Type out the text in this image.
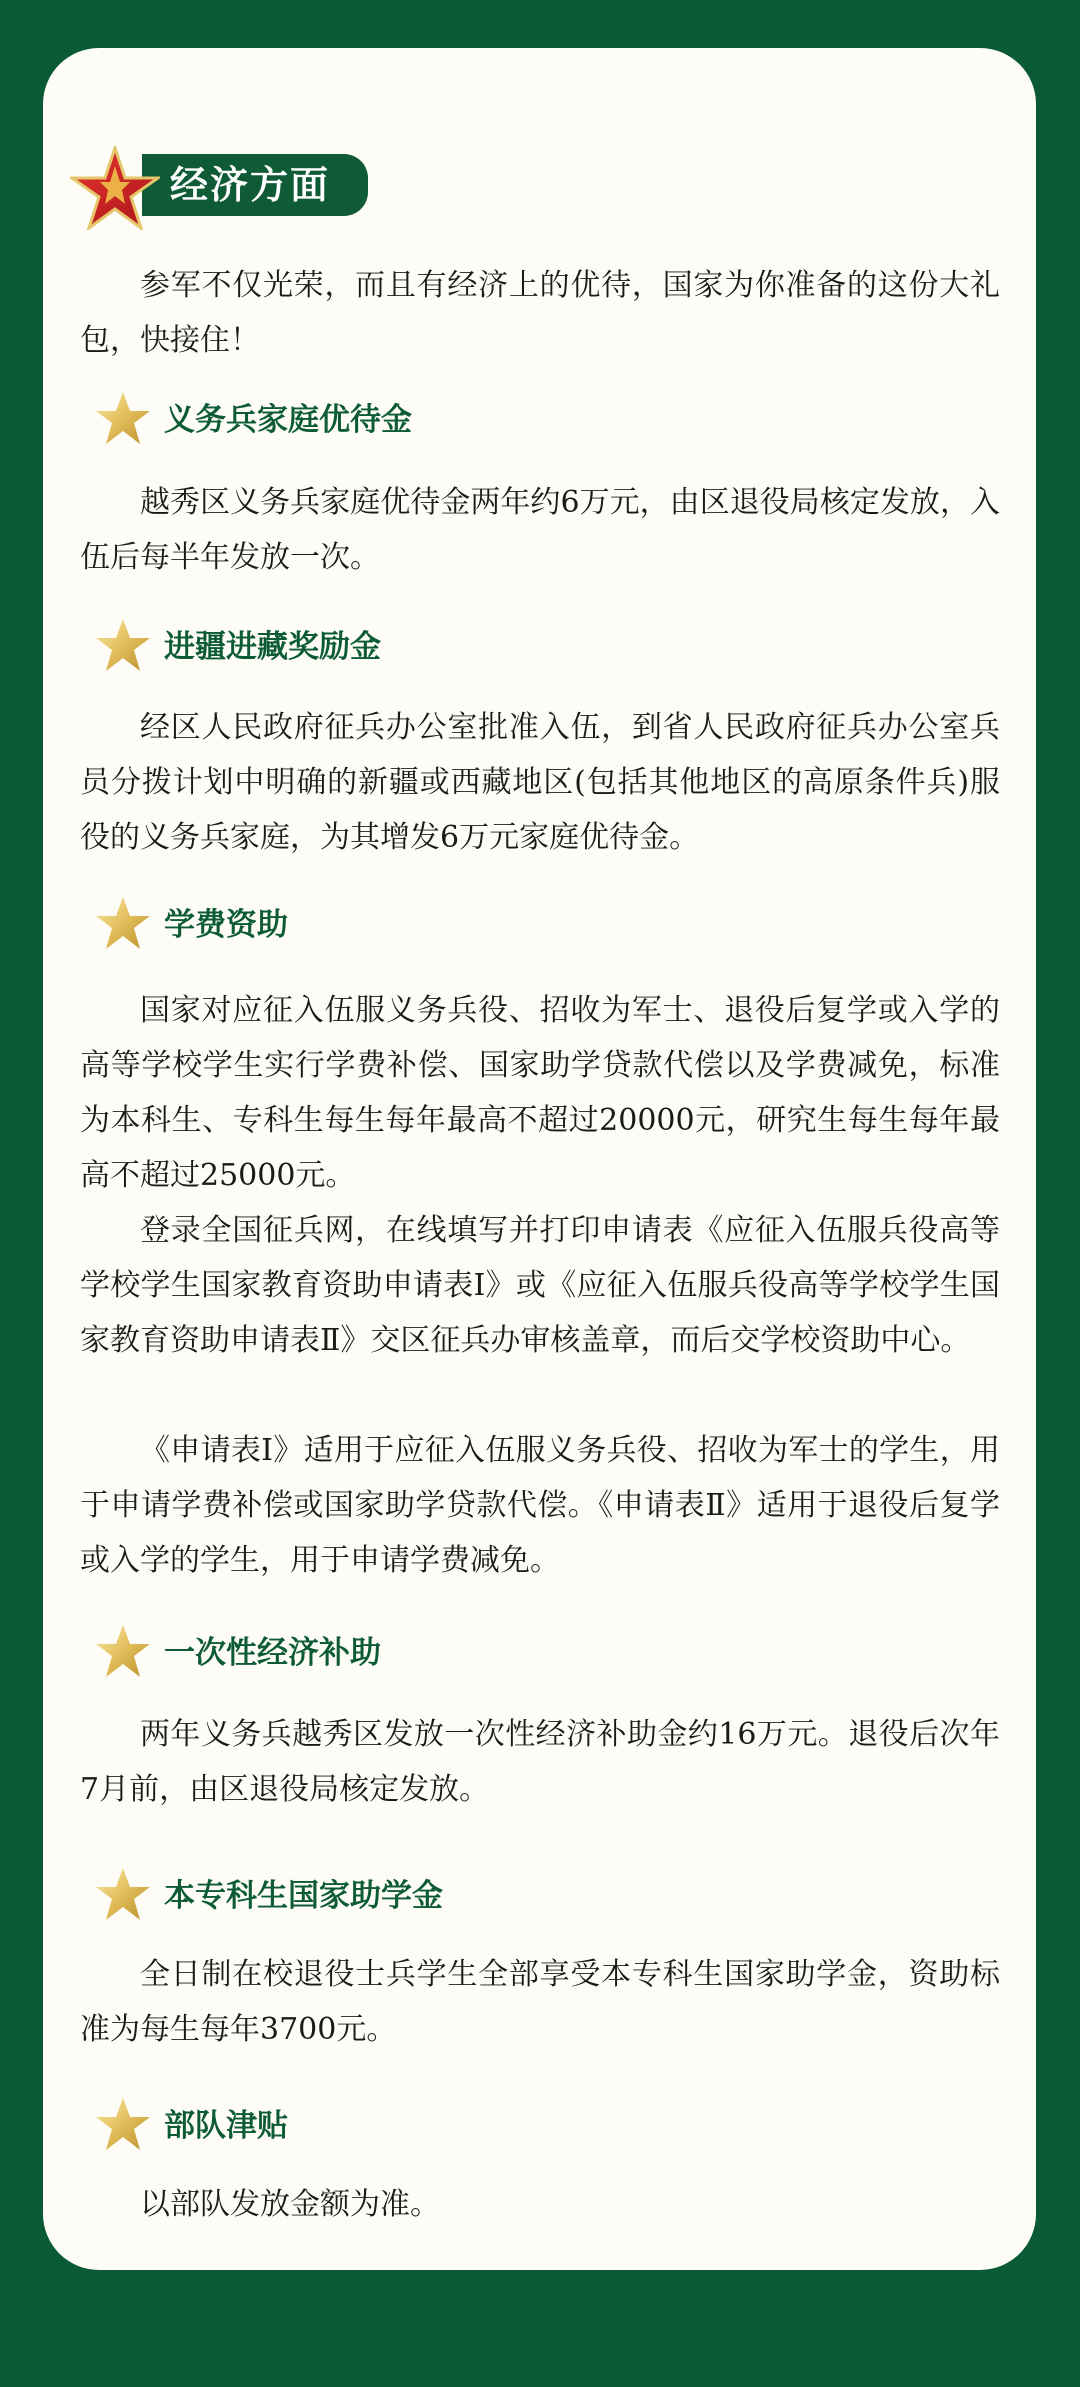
经济方面

参军不仅光荣，而且有经济上的优待，国家为你准备的这份大礼包，快接住！

义务兵家庭优待金

越秀区义务兵家庭优待金两年约6万元，由区退役局核定发放，入伍后每半年发放一次。

进疆进藏奖励金

经区人民政府征兵办公室批准入伍，到省人民政府征兵办公室兵员分拨计划中明确的新疆或西藏地区(包括其他地区的高原条件兵)服役的义务兵家庭，为其增发6万元家庭优待金。

学费资助

国家对应征入伍服义务兵役、招收为军士、退役后复学或入学的高等学校学生实行学费补偿、国家助学贷款代偿以及学费减免，标准为本科生、专科生每生每年最高不超过20000元，研究生每生每年最高不超过25000元。

登录全国征兵网，在线填写并打印申请表《应征入伍服兵役高等学校学生国家教育资助申请表Ⅰ》或《应征入伍服兵役高等学校学生国家教育资助申请表Ⅱ》交区征兵办审核盖章，而后交学校资助中心。

《申请表Ⅰ》适用于应征入伍服义务兵役、招收为军士的学生，用于申请学费补偿或国家助学贷款代偿。《申请表Ⅱ》适用于退役后复学或入学的学生，用于申请学费减免。

一次性经济补助

两年义务兵越秀区发放一次性经济补助金约16万元。退役后次年7月前，由区退役局核定发放。

本专科生国家助学金

全日制在校退役士兵学生全部享受本专科生国家助学金，资助标准为每生每年3700元。

部队津贴

以部队发放金额为准。
